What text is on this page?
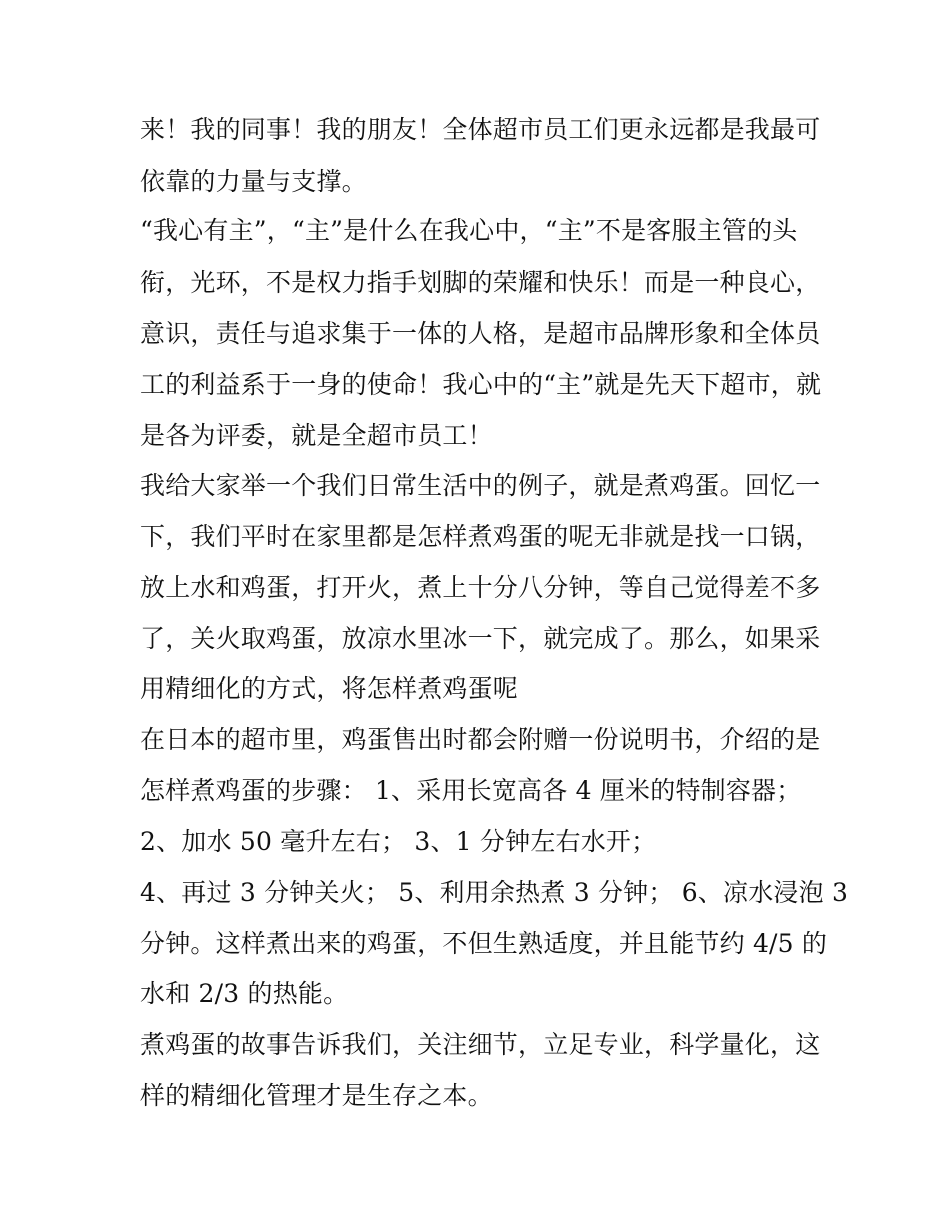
来！我的同事！我的朋友！全体超市员工们更永远都是我最可
依靠的力量与支撑。
“我心有主”，“主”是什么在我心中，“主”不是客服主管的头
衔，光环，不是权力指手划脚的荣耀和快乐！而是一种良心，
意识，责任与追求集于一体的人格，是超市品牌形象和全体员
工的利益系于一身的使命！我心中的“主”就是先天下超市，就
是各为评委，就是全超市员工！
我给大家举一个我们日常生活中的例子，就是煮鸡蛋。回忆一
下，我们平时在家里都是怎样煮鸡蛋的呢无非就是找一口锅，
放上水和鸡蛋，打开火，煮上十分八分钟，等自己觉得差不多
了，关火取鸡蛋，放凉水里冰一下，就完成了。那么，如果采
用精细化的方式，将怎样煮鸡蛋呢
在日本的超市里，鸡蛋售出时都会附赠一份说明书，介绍的是
怎样煮鸡蛋的步骤： 1、采用长宽高各 4 厘米的特制容器；
2、加水 50 毫升左右； 3、1 分钟左右水开；
4、再过 3 分钟关火； 5、利用余热煮 3 分钟； 6、凉水浸泡 3
分钟。这样煮出来的鸡蛋，不但生熟适度，并且能节约 4/5 的
水和 2/3 的热能。
煮鸡蛋的故事告诉我们，关注细节，立足专业，科学量化，这
样的精细化管理才是生存之本。
